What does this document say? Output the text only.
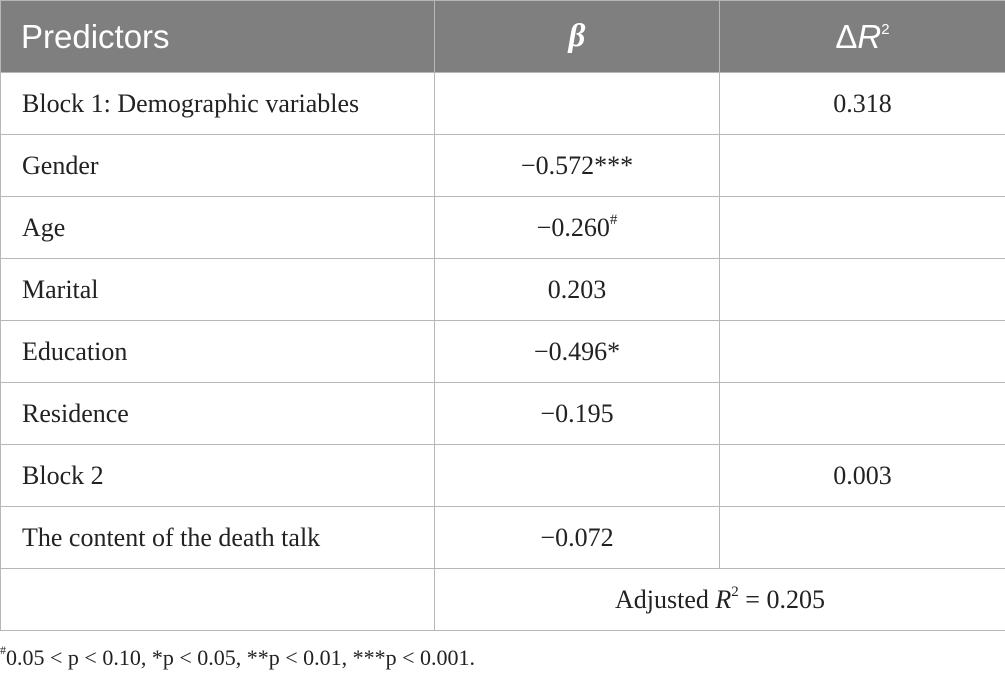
Predictors	β	$\Delta R^2$
Block 1: Demographic variables		0.318
Gender	−0.572***	
Age	−0.260#	
Marital	0.203	
Education	−0.496*	
Residence	−0.195	
Block 2		0.003
The content of the death talk	−0.072	
	Adjusted $R^2 = 0.205$	
#0.05 < p < 0.10, *p < 0.05, **p < 0.01, ***p < 0.001.
